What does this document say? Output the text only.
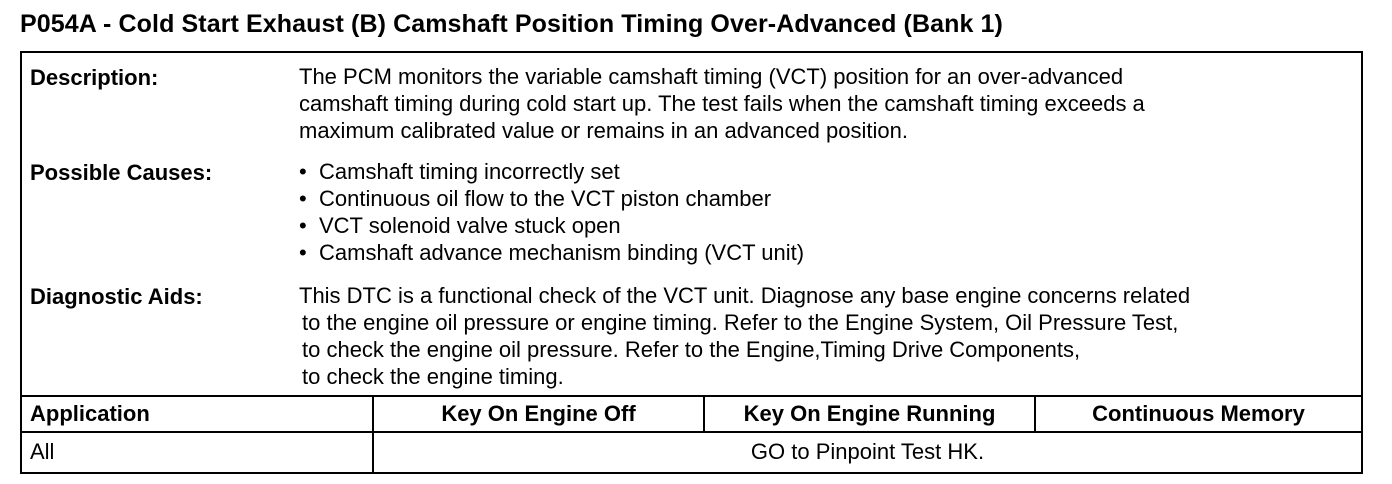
P054A - Cold Start Exhaust (B) Camshaft Position Timing Over-Advanced (Bank 1)
Description:	The PCM monitors the variable camshaft timing (VCT) position for an over-advanced
camshaft timing during cold start up. The test fails when the camshaft timing exceeds a
maximum calibrated value or remains in an advanced position.
Possible Causes:
•	Camshaft timing incorrectly set
• Continuous oil flow to the VCT piston chamber
• VCT solenoid valve stuck open
• Camshaft advance mechanism binding (VCT unit)
Diagnostic Aids:	This DTC is a functional check of the VCT unit. Diagnose any base engine concerns related
to the engine oil pressure or engine timing. Refer to the Engine System, Oil Pressure Test,
to check the engine oil pressure. Refer to the Engine,Timing Drive Components,
to check the engine timing.
Application	Key On Engine Off	Key On Engine Running	Continuous Memory
All	GO to Pinpoint Test HK.
